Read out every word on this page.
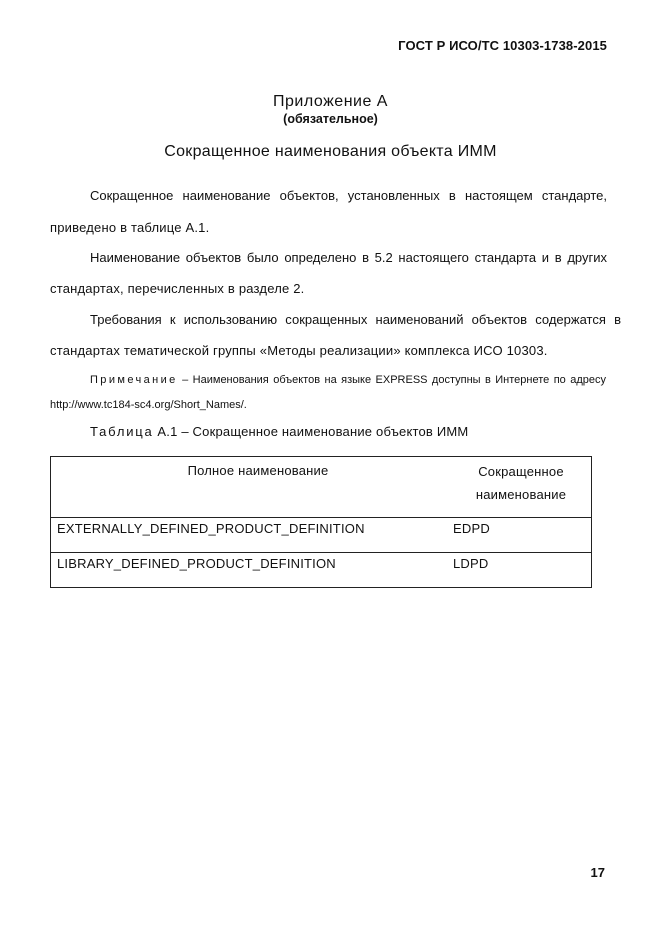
ГОСТ Р ИСО/ТС 10303-1738-2015
Приложение А
(обязательное)
Сокращенное наименования объекта ИММ
Сокращенное наименование объектов, установленных в настоящем стандарте,
приведено в таблице А.1.
Наименование объектов было определено в 5.2 настоящего стандарта и в других
стандартах, перечисленных в разделе 2.
Требования к использованию сокращенных наименований объектов содержатся в
стандартах тематической группы «Методы реализации» комплекса ИСО 10303.
Примечание – Наименования объектов на языке EXPRESS доступны в Интернете по адресу
http://www.tc184-sc4.org/Short_Names/.
Таблица А.1 – Сокращенное наименование объектов ИММ
Полное наименование	Сокращенное наименование
EXTERNALLY_DEFINED_PRODUCT_DEFINITION	EDPD
LIBRARY_DEFINED_PRODUCT_DEFINITION	LDPD
17
